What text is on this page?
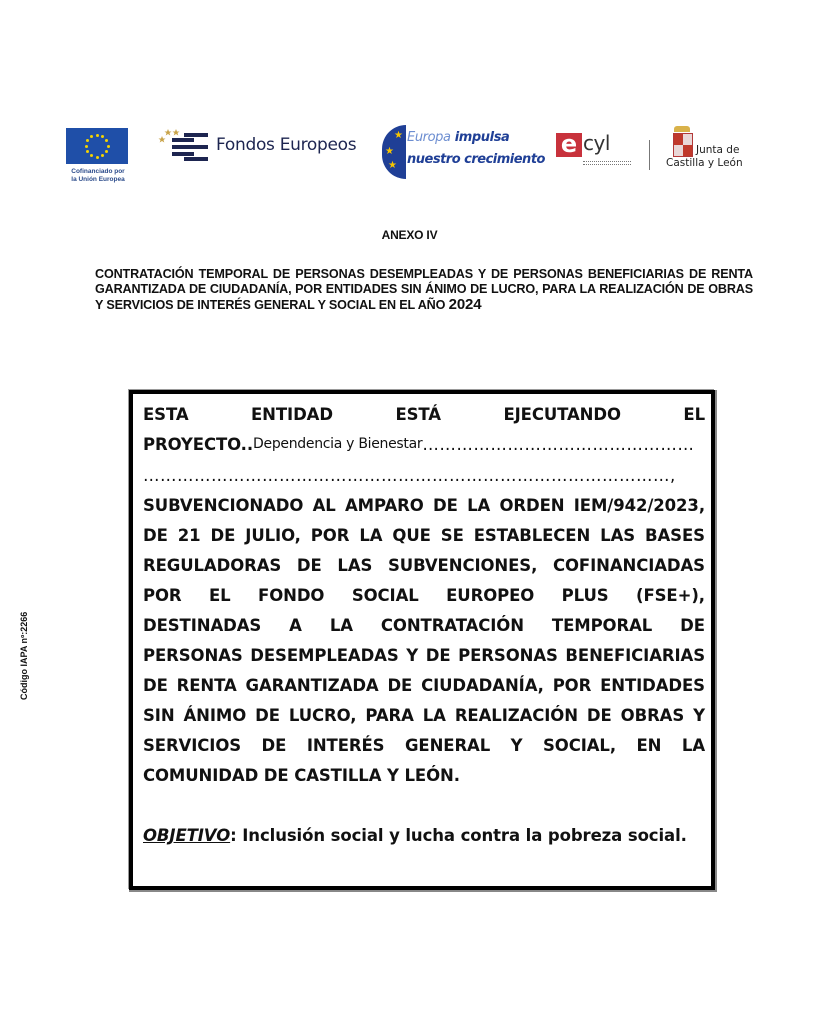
Cofinanciado por
la Unión Europea
Fondos Europeos	★
★
★ Europa impulsa
nuestro crecimiento
e cyl	Junta de
Castilla y León
ANEXO IV
CONTRATACIÓN TEMPORAL DE PERSONAS DESEMPLEADAS Y DE PERSONAS BENEFICIARIAS DE RENTA GARANTIZADA DE CIUDADANÍA, POR ENTIDADES SIN ÁNIMO DE LUCRO, PARA LA REALIZACIÓN DE OBRAS Y SERVICIOS DE INTERÉS GENERAL Y SOCIAL EN EL AÑO 2024
Código IAPA nº:2266
ESTA	ENTIDAD	ESTÁ	EJECUTANDO	EL
PROYECTO..Dependencia y Bienestar…………………………………………
…………………………………………………………………………………,
SUBVENCIONADO AL AMPARO DE LA ORDEN IEM/942/2023,
DE 21 DE JULIO, POR LA QUE SE ESTABLECEN LAS BASES
REGULADORAS DE LAS SUBVENCIONES, COFINANCIADAS
POR EL FONDO SOCIAL EUROPEO PLUS (FSE+),
DESTINADAS A LA CONTRATACIÓN TEMPORAL DE
PERSONAS DESEMPLEADAS Y DE PERSONAS BENEFICIARIAS
DE RENTA GARANTIZADA DE CIUDADANÍA, POR ENTIDADES
SIN ÁNIMO DE LUCRO, PARA LA REALIZACIÓN DE OBRAS Y
SERVICIOS DE INTERÉS GENERAL Y SOCIAL, EN LA
COMUNIDAD DE CASTILLA Y LEÓN.
OBJETIVO: Inclusión social y lucha contra la pobreza social.
